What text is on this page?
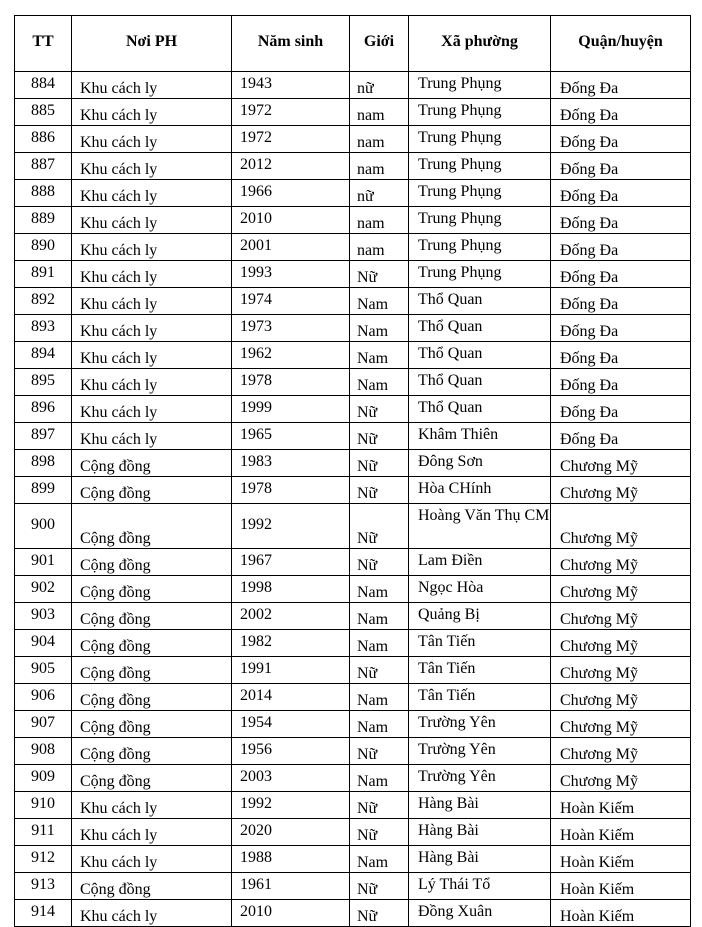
TT	Nơi PH	Năm sinh	Giới	Xã phường	Quận/huyện

884	Khu cách ly	1943	nữ	Trung Phụng	Đống Đa

885	Khu cách ly	1972	nam	Trung Phụng	Đống Đa

886	Khu cách ly	1972	nam	Trung Phụng	Đống Đa

887	Khu cách ly	2012	nam	Trung Phụng	Đống Đa

888	Khu cách ly	1966	nữ	Trung Phụng	Đống Đa

889	Khu cách ly	2010	nam	Trung Phụng	Đống Đa

890	Khu cách ly	2001	nam	Trung Phụng	Đống Đa

891	Khu cách ly	1993	Nữ	Trung Phụng	Đống Đa

892	Khu cách ly	1974	Nam	Thổ Quan	Đống Đa

893	Khu cách ly	1973	Nam	Thổ Quan	Đống Đa

894	Khu cách ly	1962	Nam	Thổ Quan	Đống Đa

895	Khu cách ly	1978	Nam	Thổ Quan	Đống Đa

896	Khu cách ly	1999	Nữ	Thổ Quan	Đống Đa

897	Khu cách ly	1965	Nữ	Khâm Thiên	Đống Đa

898	Cộng đồng	1983	Nữ	Đông Sơn	Chương Mỹ

899	Cộng đồng	1978	Nữ	Hòa CHính	Chương Mỹ

900	Cộng đồng	1992	Nữ	Hoàng Văn Thụ CM	Chương Mỹ

901	Cộng đồng	1967	Nữ	Lam Điền	Chương Mỹ

902	Cộng đồng	1998	Nam	Ngọc Hòa	Chương Mỹ

903	Cộng đồng	2002	Nam	Quảng Bị	Chương Mỹ

904	Cộng đồng	1982	Nam	Tân Tiến	Chương Mỹ

905	Cộng đồng	1991	Nữ	Tân Tiến	Chương Mỹ

906	Cộng đồng	2014	Nam	Tân Tiến	Chương Mỹ

907	Cộng đồng	1954	Nam	Trường Yên	Chương Mỹ

908	Cộng đồng	1956	Nữ	Trường Yên	Chương Mỹ

909	Cộng đồng	2003	Nam	Trường Yên	Chương Mỹ

910	Khu cách ly	1992	Nữ	Hàng Bài	Hoàn Kiếm

911	Khu cách ly	2020	Nữ	Hàng Bài	Hoàn Kiếm

912	Khu cách ly	1988	Nam	Hàng Bài	Hoàn Kiếm

913	Cộng đồng	1961	Nữ	Lý Thái Tổ	Hoàn Kiếm

914	Khu cách ly	2010	Nữ	Đồng Xuân	Hoàn Kiếm
